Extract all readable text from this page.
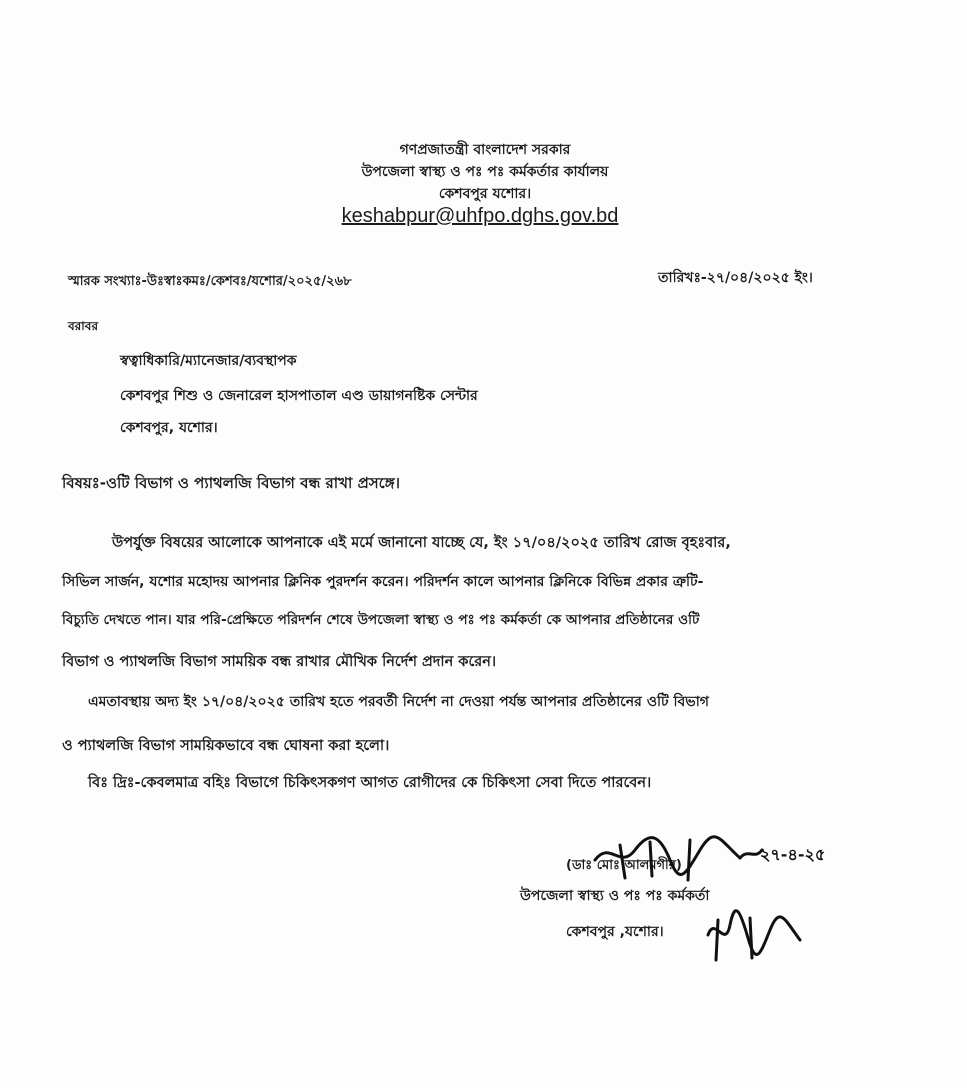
গণপ্রজাতন্ত্রী বাংলাদেশ সরকার
উপজেলা স্বাস্থ্য ও পঃ পঃ কর্মকর্তার কার্যালয়
কেশবপুর যশোর।
keshabpur@uhfpo.dghs.gov.bd
স্মারক সংখ্যাঃ-উঃস্বাঃকমঃ/কেশবঃ/যশোর/২০২৫/২৬৮	তারিখঃ-২৭/০৪/২০২৫ ইং।
বরাবর
স্বত্বাধিকারি/ম্যানেজার/ব্যবস্থাপক
কেশবপুর শিশু ও জেনারেল হাসপাতাল এণ্ড ডায়াগনষ্টিক সেন্টার
কেশবপুর, যশোর।
বিষয়ঃ-ওটি বিভাগ ও প্যাথলজি বিভাগ বন্ধ রাখা প্রসঙ্গে।
উপর্যুক্ত বিষয়ের আলোকে আপনাকে এই মর্মে জানানো যাচ্ছে যে, ইং ১৭/০৪/২০২৫ তারিখ রোজ বৃহঃবার,
সিভিল সার্জন, যশোর মহোদয় আপনার ক্লিনিক পুরদর্শন করেন। পরিদর্শন কালে আপনার ক্লিনিকে বিভিন্ন প্রকার ত্রুটি-
বিচ্যুতি দেখতে পান। যার পরি-প্রেক্ষিতে পরিদর্শন শেষে উপজেলা স্বাস্থ্য ও পঃ পঃ কর্মকর্তা কে আপনার প্রতিষ্ঠানের ওটি
বিভাগ ও প্যাথলজি বিভাগ সাময়িক বন্ধ রাখার মৌখিক নির্দেশ প্রদান করেন।
এমতাবস্থায় অদ্য ইং ১৭/০৪/২০২৫ তারিখ হতে পরবর্তী নির্দেশ না দেওয়া পর্যন্ত আপনার প্রতিষ্ঠানের ওটি বিভাগ
ও প্যাথলজি বিভাগ সাময়িকভাবে বন্ধ ঘোষনা করা হলো।
বিঃ দ্রিঃ-কেবলমাত্র বহিঃ বিভাগে চিকিৎসকগণ আগত রোগীদের কে চিকিৎসা সেবা দিতে পারবেন।
(ডাঃ মোঃ আলমগীর)
উপজেলা স্বাস্থ্য ও পঃ পঃ কর্মকর্তা
কেশবপুর ,যশোর।
২৭-৪-২৫
